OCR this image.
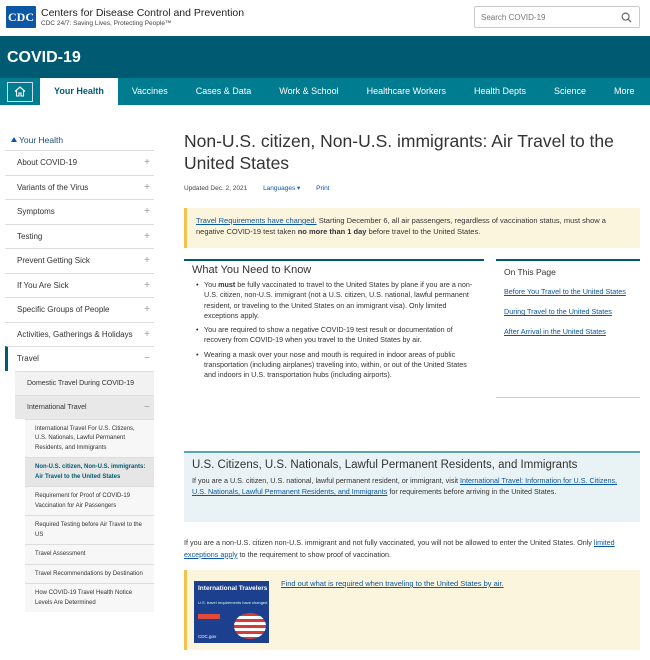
CDC Centers for Disease Control and Prevention
CDC 24/7: Saving Lives, Protecting People™
Search COVID-19
COVID-19
Your Health	Vaccines	Cases & Data	Work & School	Healthcare Workers	Health Depts	Science	More
Your Health
About COVID-19	+
Variants of the Virus	+
Symptoms	+
Testing	+
Prevent Getting Sick	+
If You Are Sick	+
Specific Groups of People	+
Activities, Gatherings & Holidays +
Travel	−
Domestic Travel During COVID-19
International Travel	−
International Travel For U.S. Citizens, U.S. Nationals, Lawful Permanent Residents, and Immigrants
Non-U.S. citizen, Non-U.S. immigrants: Air Travel to the United States
Requirement for Proof of COVID-19 Vaccination for Air Passengers
Required Testing before Air Travel to the US
Travel Assessment
Travel Recommendations by Destination
How COVID-19 Travel Health Notice Levels Are Determined
Non-U.S. citizen, Non-U.S. immigrants: Air Travel to the United States
Updated Dec. 2, 2021 Languages ▾ Print
Travel Requirements have changed. Starting December 6, all air passengers, regardless of vaccination status, must show a negative COVID-19 test taken no more than 1 day before travel to the United States.
What You Need to Know
• You must be fully vaccinated to travel to the United States by plane if you are a non-U.S. citizen, non-U.S. immigrant (not a U.S. citizen, U.S. national, lawful permanent resident, or traveling to the United States on an immigrant visa). Only limited exceptions apply.
• You are required to show a negative COVID-19 test result or documentation of recovery from COVID-19 when you travel to the United States by air.
• Wearing a mask over your nose and mouth is required in indoor areas of public transportation (including airplanes) traveling into, within, or out of the United States and indoors in U.S. transportation hubs (including airports).
On This Page
Before You Travel to the United States
During Travel to the United States
After Arrival in the United States
U.S. Citizens, U.S. Nationals, Lawful Permanent Residents, and Immigrants
If you are a U.S. citizen, U.S. national, lawful permanent resident, or immigrant, visit International Travel: Information for U.S. Citizens, U.S. Nationals, Lawful Permanent Residents, and Immigrants for requirements before arriving in the United States.
If you are a non-U.S. citizen non-U.S. immigrant and not fully vaccinated, you will not be allowed to enter the United States. Only limited exceptions apply to the requirement to show proof of vaccination.
International Travelers
U.S. travel requirements have changed
CDC.gov
Find out what is required when traveling to the United States by air.
